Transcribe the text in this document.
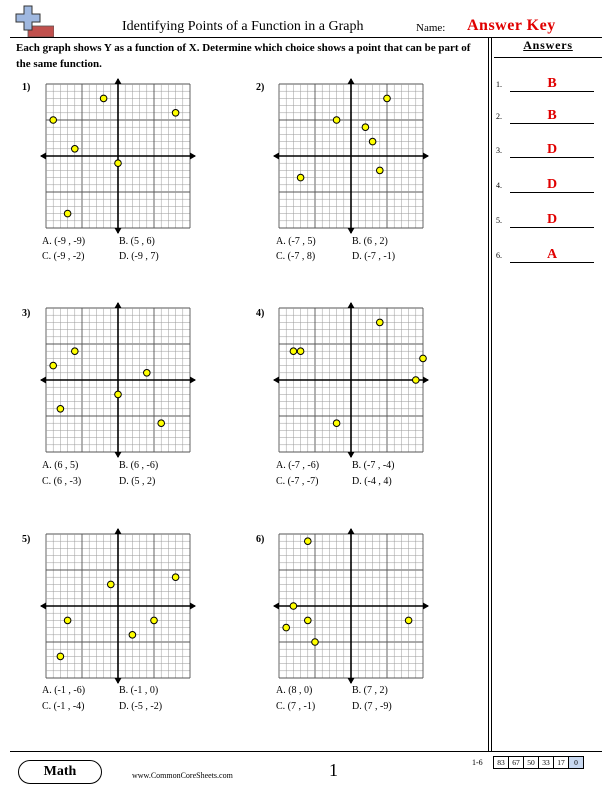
Identifying Points of a Function in a Graph	Name: Answer Key
Each graph shows Y as a function of X. Determine which choice shows a point that can be part of the same function.
Answers
1.	B
2.	B
3.	D
4.	D
5.	D
6.	A
1)
A. (-9 , -9)	B. (5 , 6)
C. (-9 , -2)	D. (-9 , 7)
2)
A. (-7 , 5)	B. (6 , 2)
C. (-7 , 8)	D. (-7 , -1)
3)
A. (6 , 5)	B. (6 , -6)
C. (6 , -3)	D. (5 , 2)
4)
A. (-7 , -6)	B. (-7 , -4)
C. (-7 , -7)	D. (-4 , 4)
5)
A. (-1 , -6)	B. (-1 , 0)
C. (-1 , -4)	D. (-5 , -2)
6)
A. (8 , 0)	B. (7 , 2)
C. (7 , -1)	D. (7 , -9)
Math	www.CommonCoreSheets.com	1	1-6 83	67	50	33	17	0
